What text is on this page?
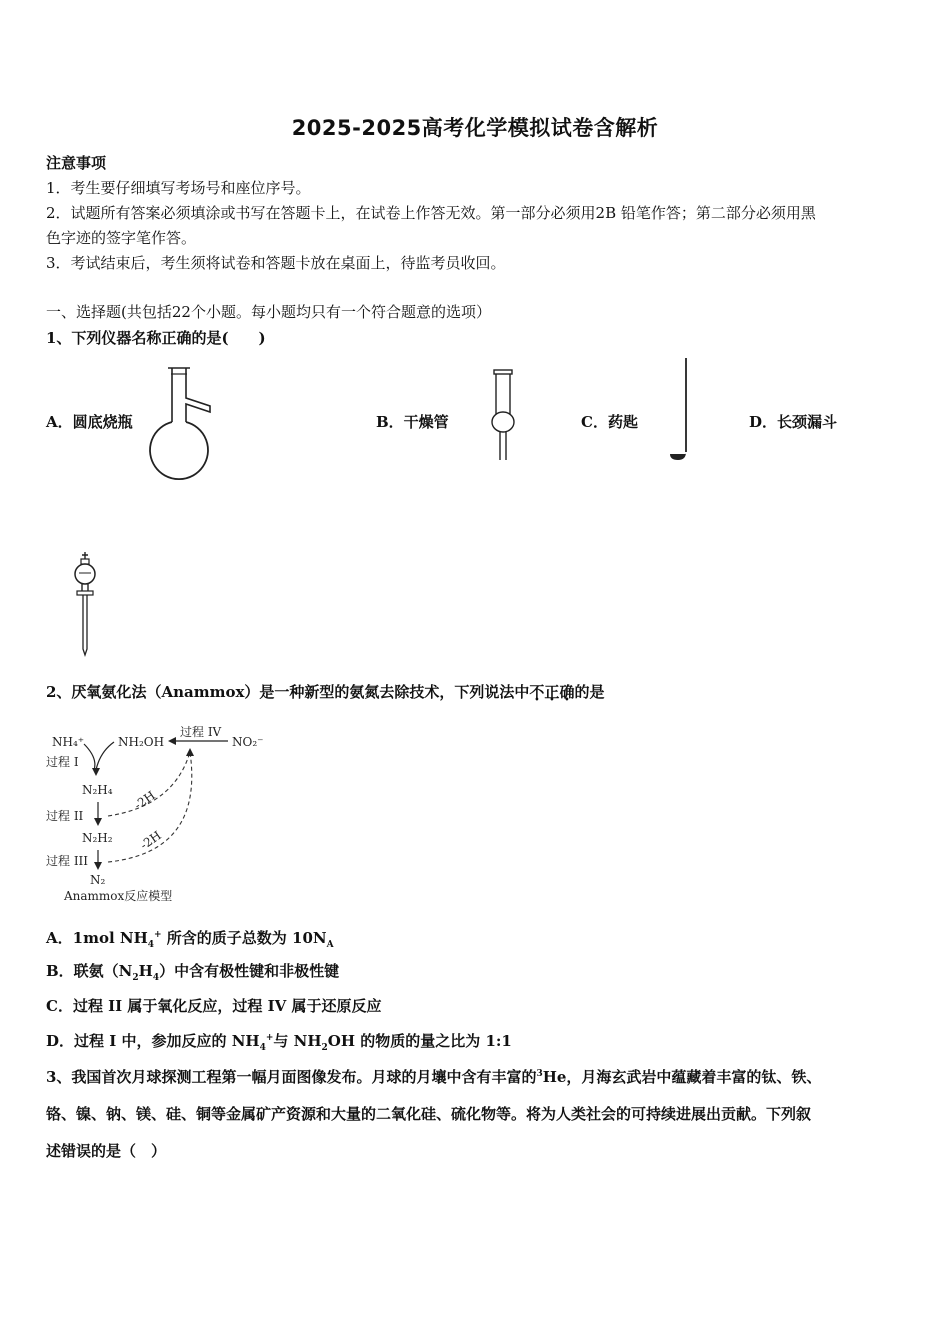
2025-2025高考化学模拟试卷含解析
注意事项
1．考生要仔细填写考场号和座位序号。
2．试题所有答案必须填涂或书写在答题卡上，在试卷上作答无效。第一部分必须用2B 铅笔作答；第二部分必须用黑
色字迹的签字笔作答。
3．考试结束后，考生须将试卷和答题卡放在桌面上，待监考员收回。
一、选择题(共包括22个小题。每小题均只有一个符合题意的选项）
1、下列仪器名称正确的是(　　)
A．圆底烧瓶	B．干燥管	C．药匙	D．长颈漏斗
2、厌氧氨化法（Anammox）是一种新型的氨氮去除技术，下列说法中不正确的是
NH₄⁺	NH₂OH	NO₂⁻
过程 IV
过程 I
N₂H₄
过程 II
N₂H₂
过程 III
N₂
-2H
-2H
Anammox反应模型
A．1mol $NH_4^+$ 所含的质子总数为 $10N_A$
B．联氨$(N_2H_4)$中含有极性键和非极性键
C．过程 II 属于氧化反应，过程 IV 属于还原反应
D．过程 I 中，参加反应的 $NH_4^+$与 $NH_2OH$ 的物质的量之比为 1:1
3、我国首次月球探测工程第一幅月面图像发布。月球的月壤中含有丰富的$^3$He，月海玄武岩中蕴藏着丰富的钛、铁、
铬、镍、钠、镁、硅、铜等金属矿产资源和大量的二氧化硅、硫化物等。将为人类社会的可持续进展出贡献。下列叙
述错误的是（　）
